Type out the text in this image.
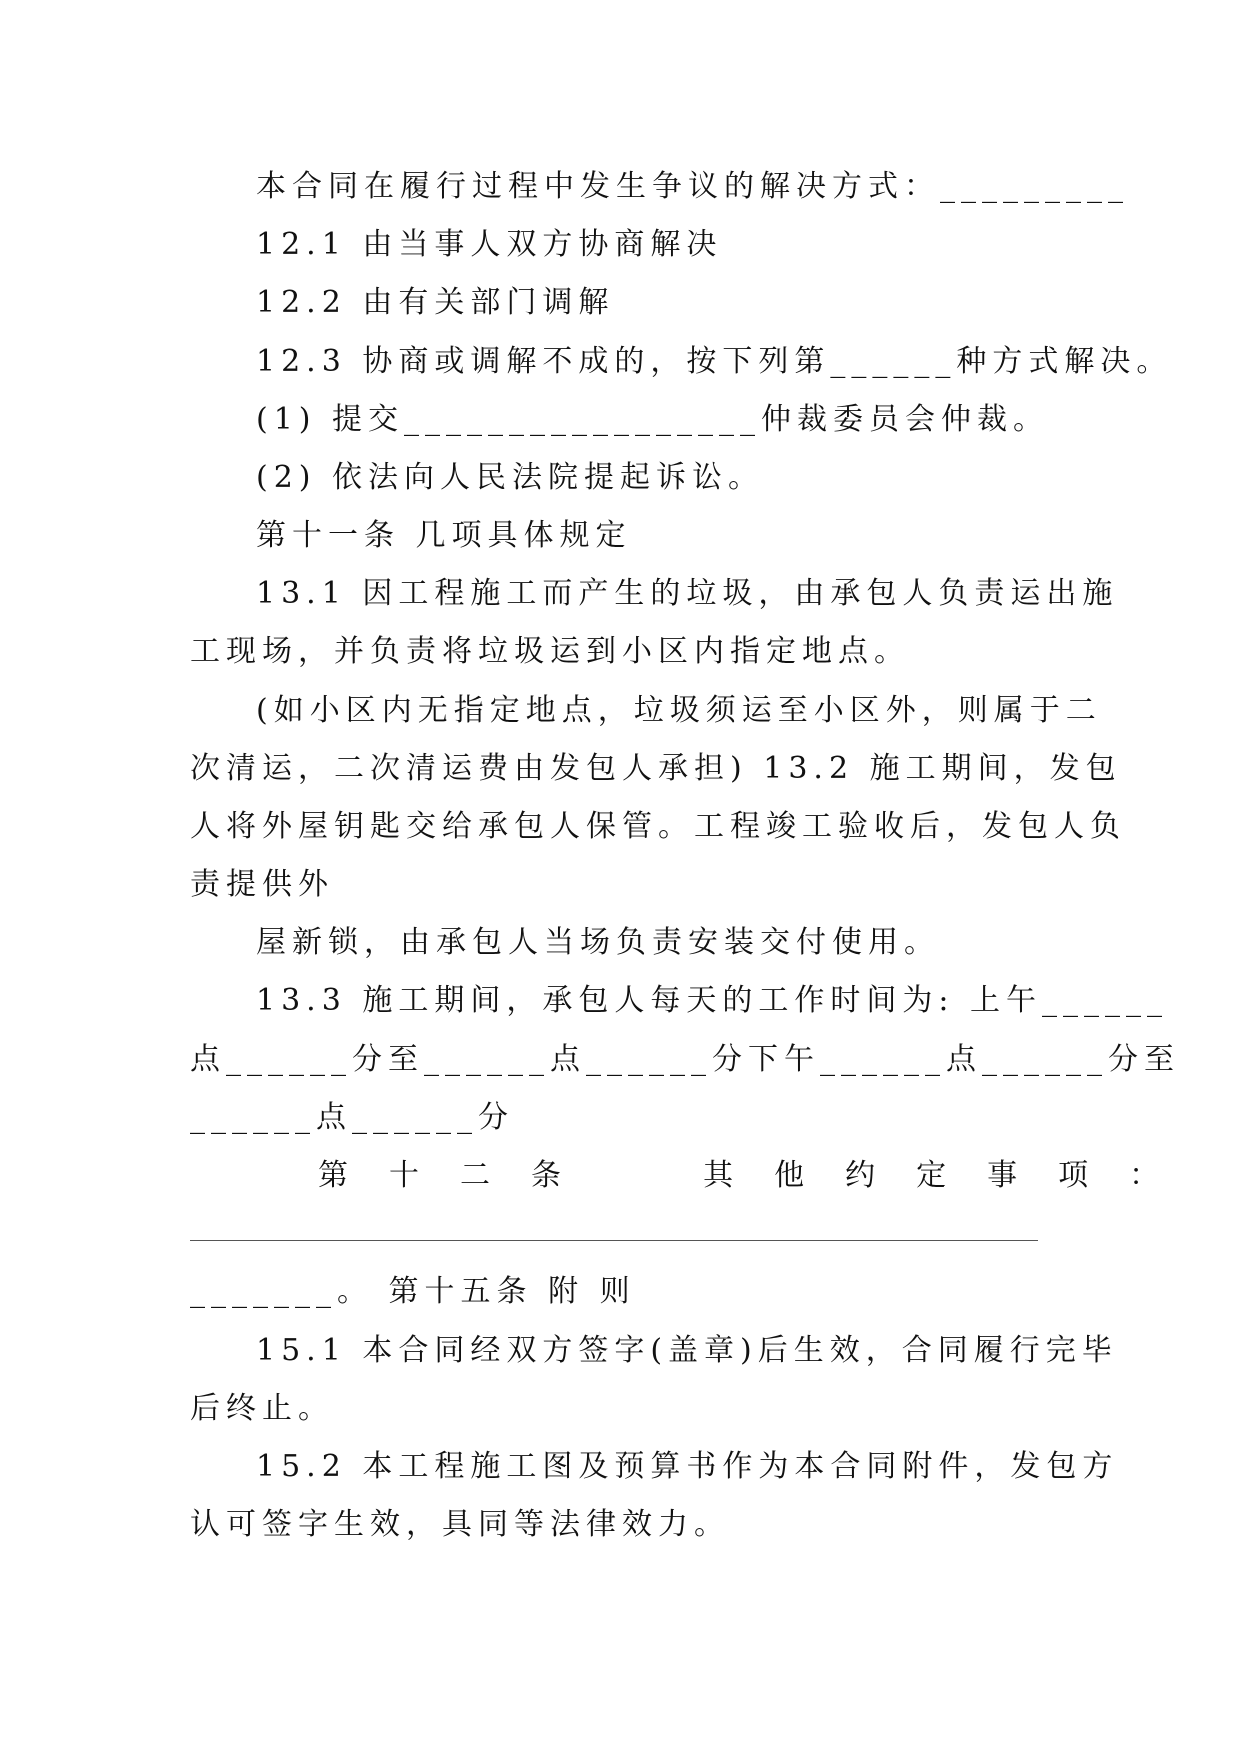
本合同在履行过程中发生争议的解决方式：_________
12.1 由当事人双方协商解决
12.2 由有关部门调解
12.3 协商或调解不成的，按下列第______种方式解决。
(1) 提交_________________仲裁委员会仲裁。
(2) 依法向人民法院提起诉讼。
第十一条 几项具体规定
13.1 因工程施工而产生的垃圾，由承包人负责运出施
工现场，并负责将垃圾运到小区内指定地点。
(如小区内无指定地点，垃圾须运至小区外，则属于二
次清运，二次清运费由发包人承担) 13.2 施工期间，发包
人将外屋钥匙交给承包人保管。工程竣工验收后，发包人负
责提供外
屋新锁，由承包人当场负责安装交付使用。
13.3 施工期间，承包人每天的工作时间为: 上午______
点______分至______点______分下午______点______分至
______点______分
第十二条  其他约定事项：
_______。 第十五条 附 则
15.1 本合同经双方签字(盖章)后生效，合同履行完毕
后终止。
15.2 本工程施工图及预算书作为本合同附件，发包方
认可签字生效，具同等法律效力。
